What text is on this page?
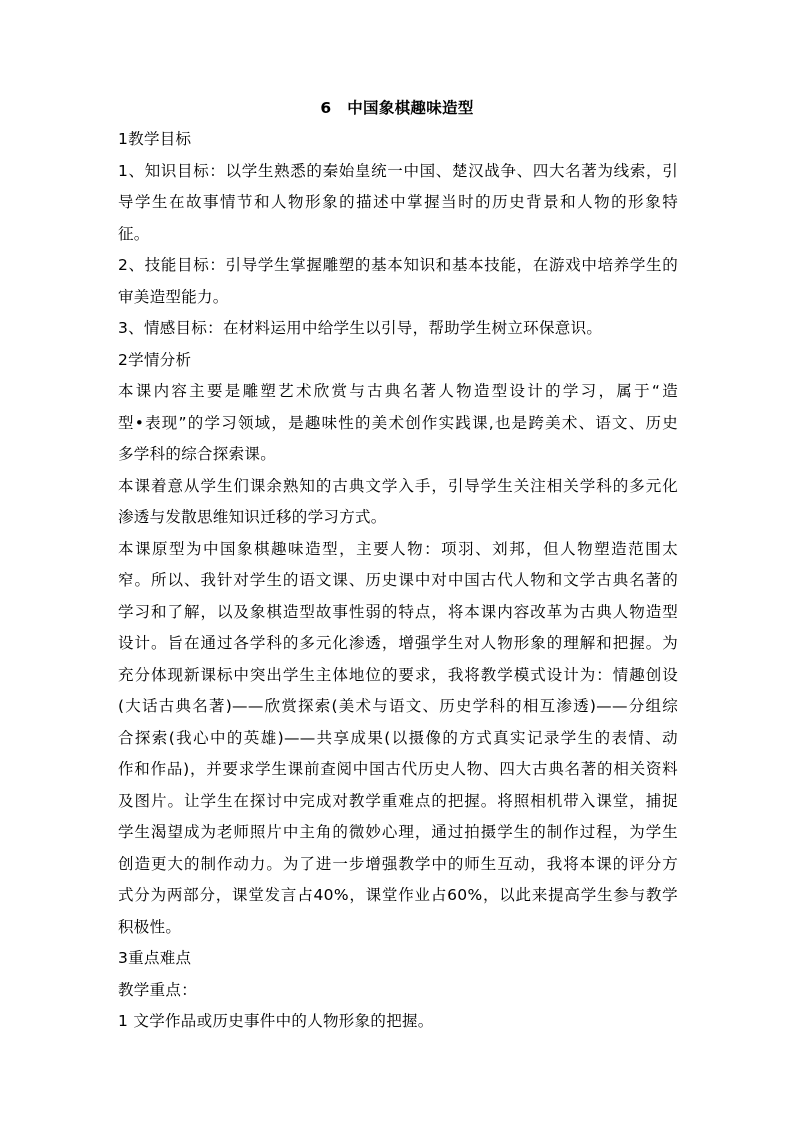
6　中国象棋趣味造型
1教学目标
1、知识目标：以学生熟悉的秦始皇统一中国、楚汉战争、四大名著为线索，引
导学生在故事情节和人物形象的描述中掌握当时的历史背景和人物的形象特
征。
2、技能目标：引导学生掌握雕塑的基本知识和基本技能，在游戏中培养学生的
审美造型能力。
3、情感目标：在材料运用中给学生以引导，帮助学生树立环保意识。
2学情分析
本课内容主要是雕塑艺术欣赏与古典名著人物造型设计的学习，属于“造
型•表现”的学习领域，是趣味性的美术创作实践课,也是跨美术、语文、历史
多学科的综合探索课。
本课着意从学生们课余熟知的古典文学入手，引导学生关注相关学科的多元化
渗透与发散思维知识迁移的学习方式。
本课原型为中国象棋趣味造型，主要人物：项羽、刘邦，但人物塑造范围太
窄。所以、我针对学生的语文课、历史课中对中国古代人物和文学古典名著的
学习和了解，以及象棋造型故事性弱的特点，将本课内容改革为古典人物造型
设计。旨在通过各学科的多元化渗透，增强学生对人物形象的理解和把握。为
充分体现新课标中突出学生主体地位的要求，我将教学模式设计为：情趣创设
(大话古典名著)——欣赏探索(美术与语文、历史学科的相互渗透)——分组综
合探索(我心中的英雄)——共享成果(以摄像的方式真实记录学生的表情、动
作和作品)，并要求学生课前查阅中国古代历史人物、四大古典名著的相关资料
及图片。让学生在探讨中完成对教学重难点的把握。将照相机带入课堂，捕捉
学生渴望成为老师照片中主角的微妙心理，通过拍摄学生的制作过程，为学生
创造更大的制作动力。为了进一步增强教学中的师生互动，我将本课的评分方
式分为两部分，课堂发言占40%，课堂作业占60%，以此来提高学生参与教学
积极性。
3重点难点
教学重点：
1 文学作品或历史事件中的人物形象的把握。
